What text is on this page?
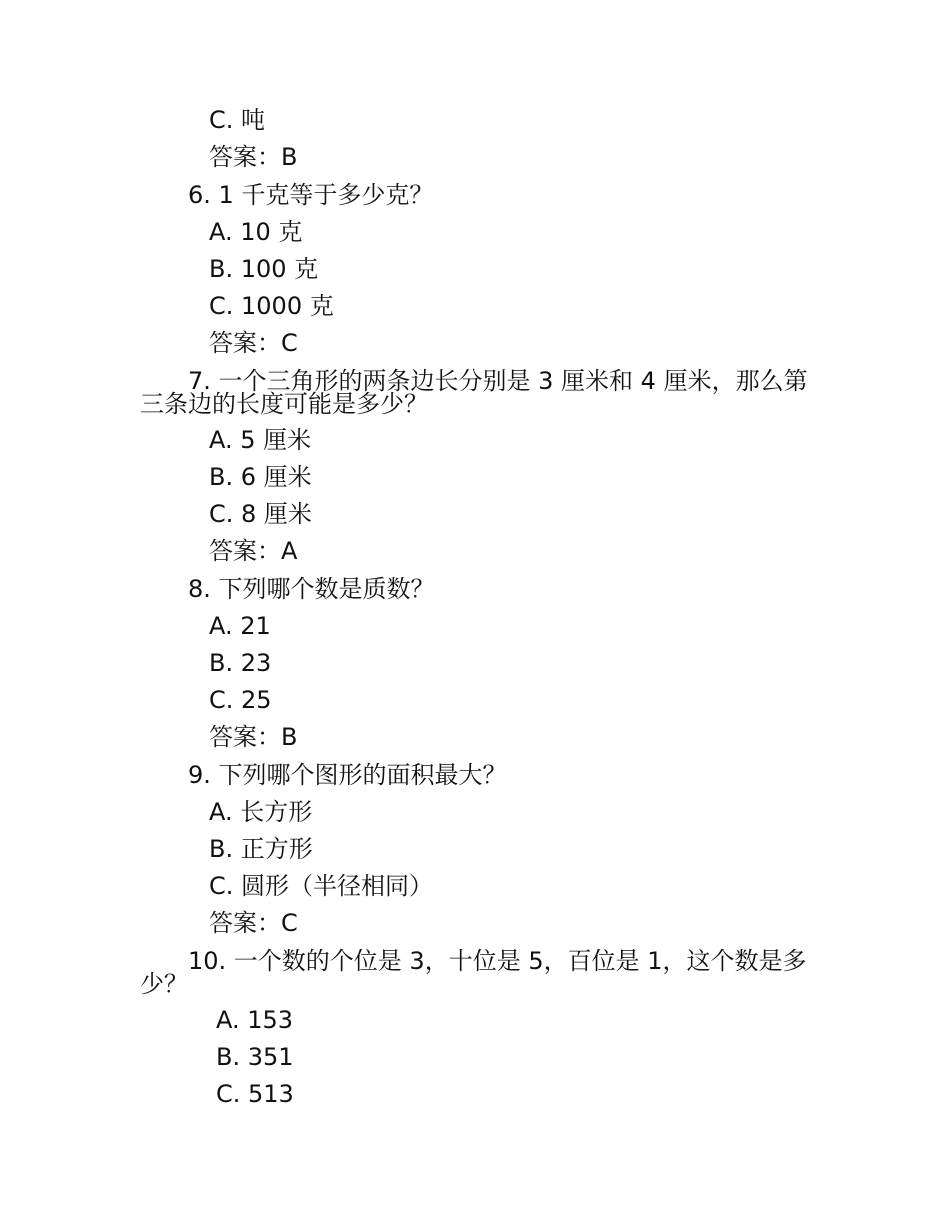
C. 吨
答案：B
6. 1 千克等于多少克？
A. 10 克
B. 100 克
C. 1000 克
答案：C
7. 一个三角形的两条边长分别是 3 厘米和 4 厘米，那么第
三条边的长度可能是多少？
A. 5 厘米
B. 6 厘米
C. 8 厘米
答案：A
8. 下列哪个数是质数？
A. 21
B. 23
C. 25
答案：B
9. 下列哪个图形的面积最大？
A. 长方形
B. 正方形
C. 圆形（半径相同）
答案：C
10. 一个数的个位是 3，十位是 5，百位是 1，这个数是多
少？
A. 153
B. 351
C. 513
